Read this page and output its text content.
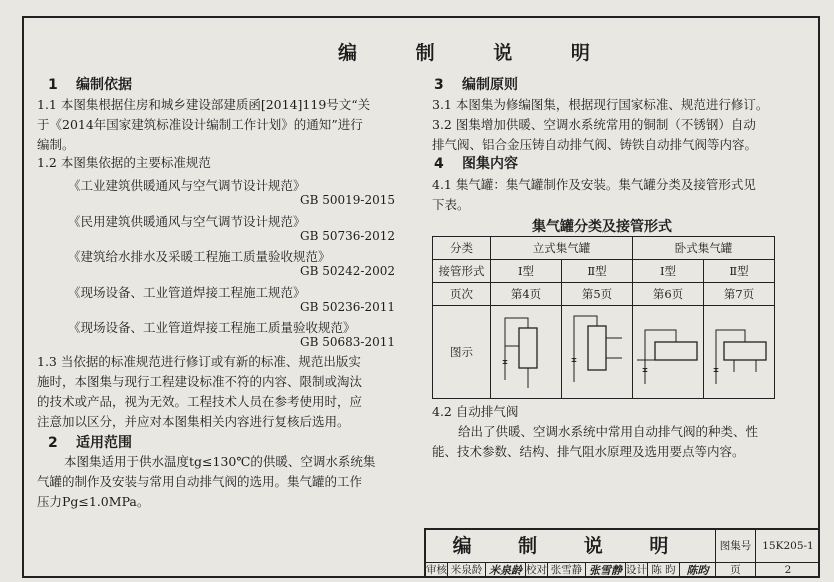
编 制 说 明
1 编制依据
1.1 本图集根据住房和城乡建设部建质函[2014]119号文“关
于《2014年国家建筑标准设计编制工作计划》的通知”进行
编制。
1.2 本图集依据的主要标准规范
《工业建筑供暖通风与空气调节设计规范》
GB 50019-2015
《民用建筑供暖通风与空气调节设计规范》
GB 50736-2012
《建筑给水排水及采暖工程施工质量验收规范》
GB 50242-2002
《现场设备、工业管道焊接工程施工规范》
GB 50236-2011
《现场设备、工业管道焊接工程施工质量验收规范》
GB 50683-2011
1.3 当依据的标准规范进行修订或有新的标准、规范出版实
施时，本图集与现行工程建设标准不符的内容、限制或淘汰
的技术或产品，视为无效。工程技术人员在参考使用时，应
注意加以区分，并应对本图集相关内容进行复核后选用。
2 适用范围
本图集适用于供水温度tg≤130℃的供暖、空调水系统集
气罐的制作及安装与常用自动排气阀的选用。集气罐的工作
压力Pg≤1.0MPa。
3 编制原则
3.1 本图集为修编图集，根据现行国家标准、规范进行修订。
3.2 图集增加供暖、空调水系统常用的铜制（不锈钢）自动
排气阀、铝合金压铸自动排气阀、铸铁自动排气阀等内容。
4 图集内容
4.1 集气罐：集气罐制作及安装。集气罐分类及接管形式见
下表。
集气罐分类及接管形式
分类	立式集气罐		卧式集气罐	
接管形式	Ⅰ型	Ⅱ型	Ⅰ型	Ⅱ型
页次	第4页	第5页	第6页	第7页
图示				
4.2 自动排气阀
给出了供暖、空调水系统中常用自动排气阀的种类、性
能、技术参数、结构、排气阻水原理及选用要点等内容。
编 制 说 明	图集号	15K205-1
审核 米泉龄 米泉龄 校对 张雪静 张雪静 设计 陈 昀 陈昀	页	2
